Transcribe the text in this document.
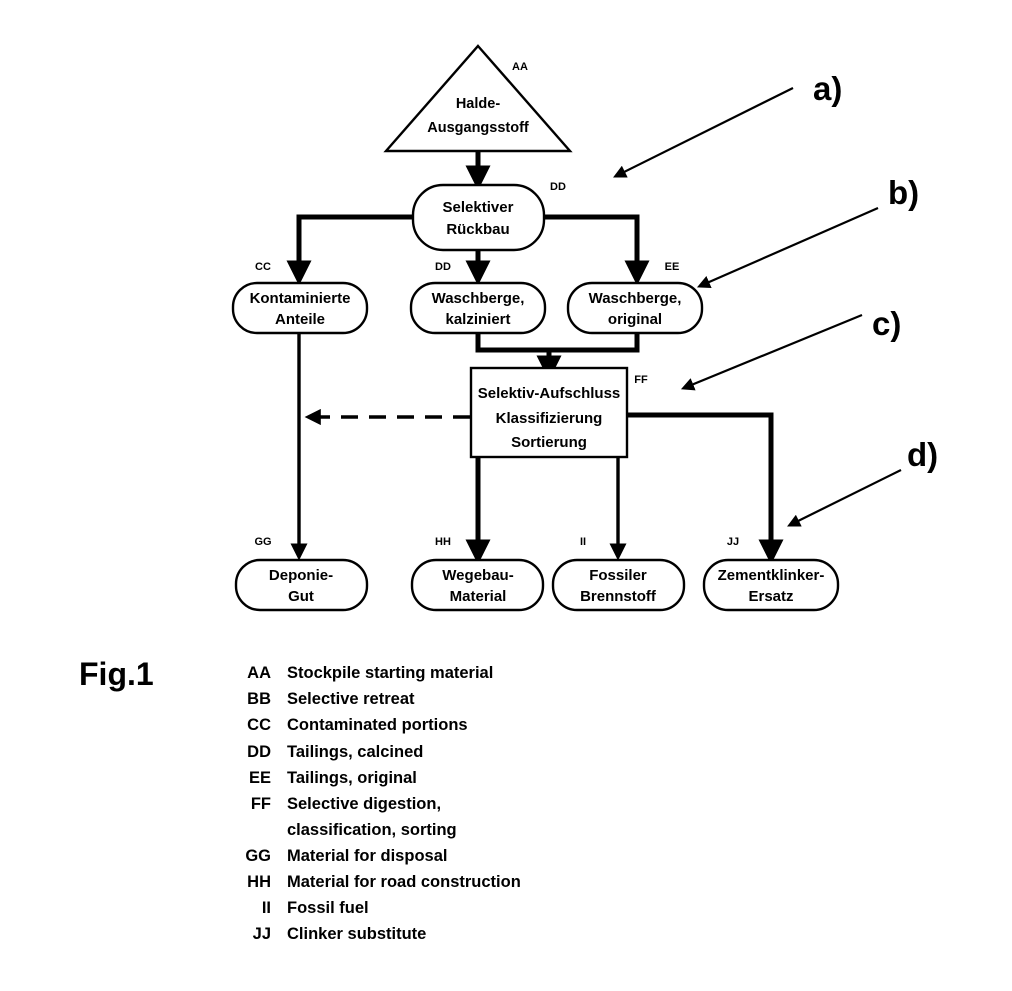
Halde-
Ausgangsstoff
AA
Selektiver
Rückbau
DD
Kontaminierte
Anteile
CC
Waschberge,
kalziniert
DD
Waschberge,
original
EE
Selektiv-Aufschluss
Klassifizierung
Sortierung
FF
Deponie-
Gut
GG
Wegebau-
Material
HH
Fossiler
Brennstoff
II
Zementklinker-
Ersatz
JJ
a)
b)
c)
d)
Fig.1	AA Stockpile starting material
BB Selective retreat
CC Contaminated portions
DD Tailings, calcined
EE Tailings, original
FF Selective digestion,
classification, sorting
GG Material for disposal
HH Material for road construction
II Fossil fuel
JJ Clinker substitute
